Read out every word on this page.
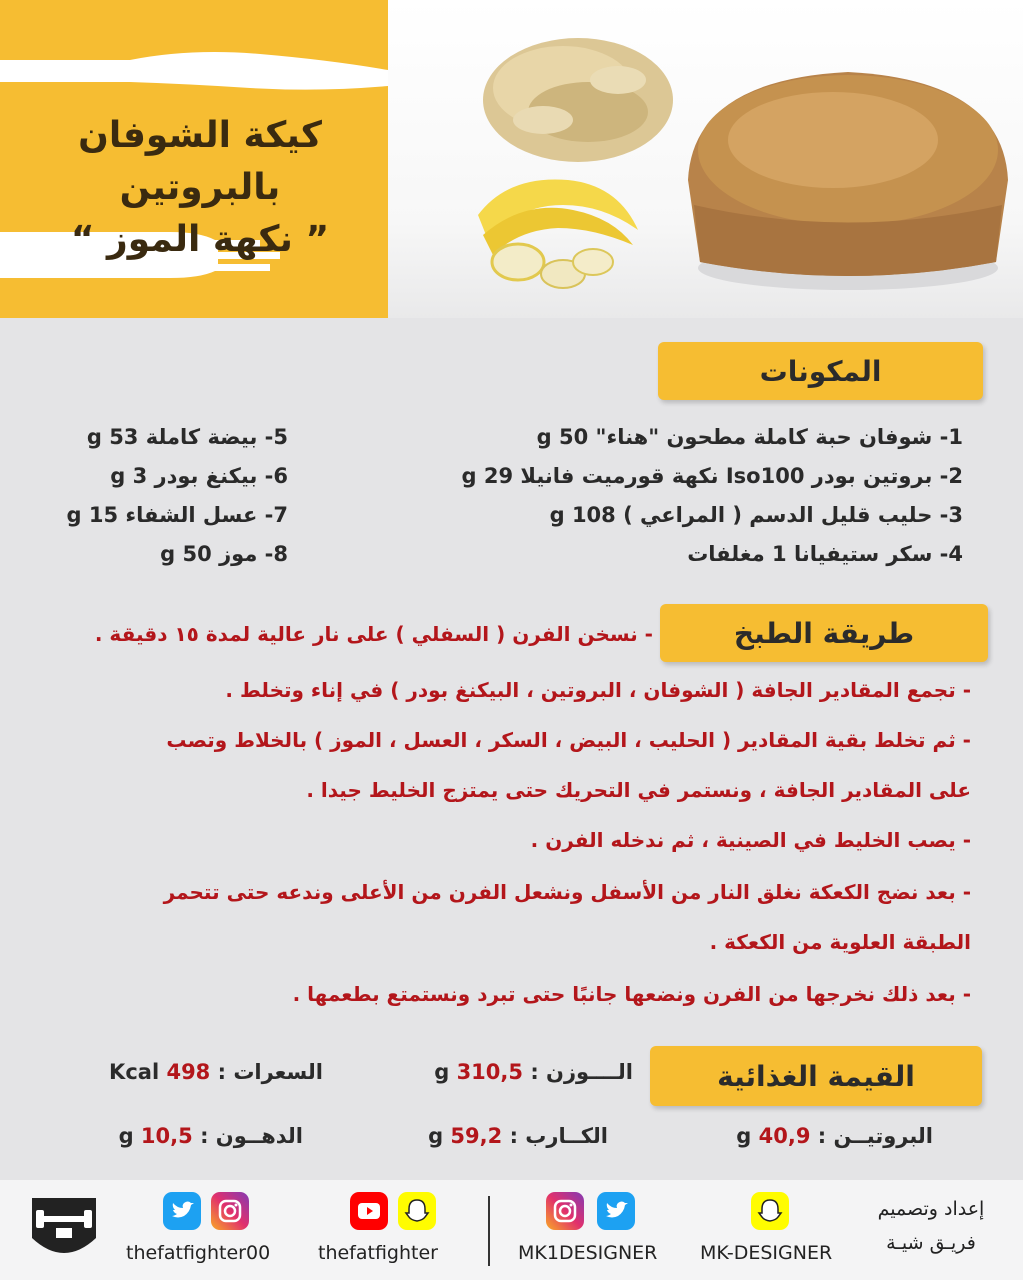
كيكة الشوفان بالبروتين
” نكهة الموز “
المكونات
1- شوفان حبة كاملة مطحون "هناء" 50 g
2- بروتين بودر Iso100 نكهة قورميت فانيلا 29 g
3- حليب قليل الدسم ( المراعي ) 108 g
4- سكر ستيفيانا 1 مغلفات
5- بيضة كاملة 53 g
6- بيكنغ بودر 3 g
7- عسل الشفاء 15 g
8- موز 50 g
طريقة الطبخ

- نسخن الفرن ( السفلي ) على نار عالية لمدة ١٥ دقيقة .

- تجمع المقادير الجافة ( الشوفان ، البروتين ، البيكنغ بودر ) في إناء وتخلط .

- ثم تخلط بقية المقادير ( الحليب ، البيض ، السكر ، العسل ، الموز ) بالخلاط وتصب

على المقادير الجافة ، ونستمر في التحريك حتى يمتزج الخليط جيدا .

- يصب الخليط في الصينية ، ثم ندخله الفرن .

- بعد نضج الكعكة نغلق النار من الأسفل ونشعل الفرن من الأعلى وندعه حتى تتحمر

الطبقة العلوية من الكعكة .

- بعد ذلك نخرجها من الفرن ونضعها جانبًا حتى تبرد ونستمتع بطعمها .

القيمة الغذائية
الــــوزن : 310,5 g
السعرات : 498 Kcal
البروتيــن : 40,9 g
الكــارب : 59,2 g
الدهــون : 10,5 g
إعداد وتصميم
فريـق شيـة
MK-DESIGNER
MK1DESIGNER
thefatfighter
thefatfighter00
